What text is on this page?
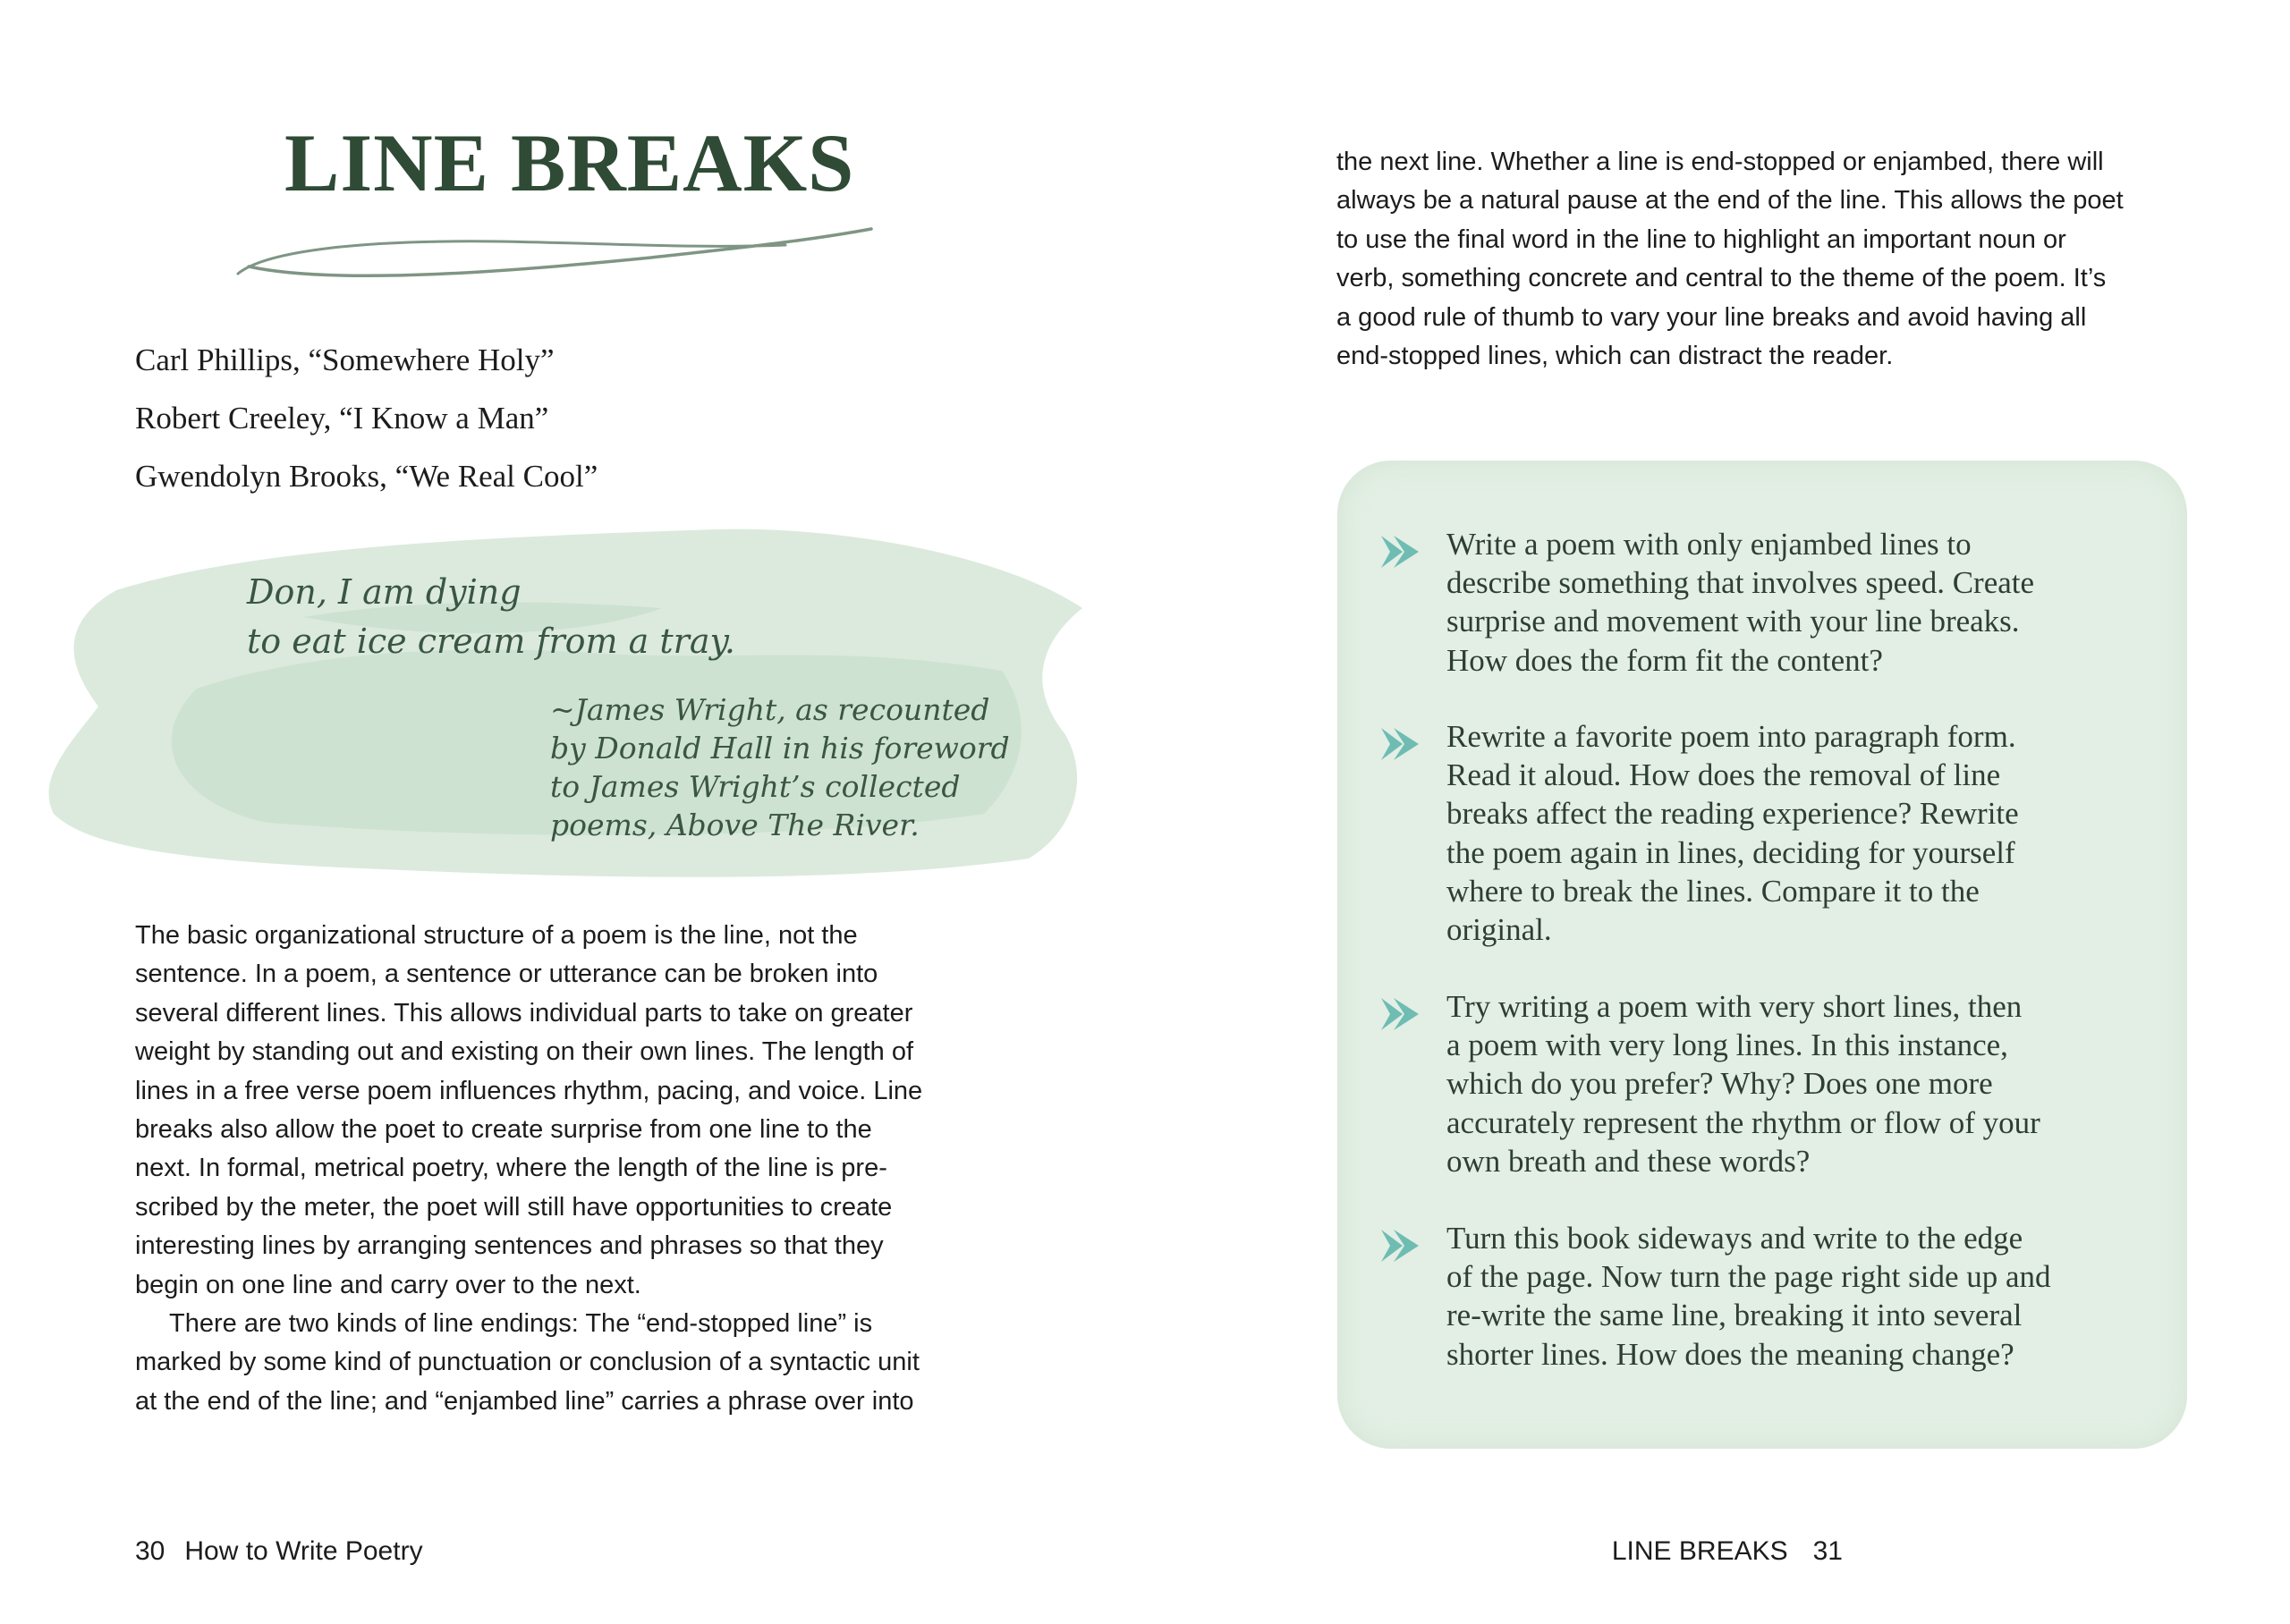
LINE BREAKS
Carl Phillips, “Somewhere Holy”
Robert Creeley, “I Know a Man”
Gwendolyn Brooks, “We Real Cool”
Don, I am dying
to eat ice cream from a tray.
~James Wright, as recounted
by Donald Hall in his foreword
to James Wright’s collected
poems, Above The River.
The basic organizational structure of a poem is the line, not the
sentence. In a poem, a sentence or utterance can be broken into
several different lines. This allows individual parts to take on greater
weight by standing out and existing on their own lines. The length of
lines in a free verse poem influences rhythm, pacing, and voice. Line
breaks also allow the poet to create surprise from one line to the
next. In formal, metrical poetry, where the length of the line is pre-
scribed by the meter, the poet will still have opportunities to create
interesting lines by arranging sentences and phrases so that they
begin on one line and carry over to the next.
There are two kinds of line endings: The “end-stopped line” is
marked by some kind of punctuation or conclusion of a syntactic unit
at the end of the line; and “enjambed line” carries a phrase over into
30 How to Write Poetry
the next line. Whether a line is end-stopped or enjambed, there will
always be a natural pause at the end of the line. This allows the poet
to use the final word in the line to highlight an important noun or
verb, something concrete and central to the theme of the poem. It’s
a good rule of thumb to vary your line breaks and avoid having all
end-stopped lines, which can distract the reader.
Write a poem with only enjambed lines to
describe something that involves speed. Create
surprise and movement with your line breaks.
How does the form fit the content?
Rewrite a favorite poem into paragraph form.
Read it aloud. How does the removal of line
breaks affect the reading experience? Rewrite
the poem again in lines, deciding for yourself
where to break the lines. Compare it to the
original.
Try writing a poem with very short lines, then
a poem with very long lines. In this instance,
which do you prefer? Why? Does one more
accurately represent the rhythm or flow of your
own breath and these words?
Turn this book sideways and write to the edge
of the page. Now turn the page right side up and
re-write the same line, breaking it into several
shorter lines. How does the meaning change?
LINE BREAKS 31
